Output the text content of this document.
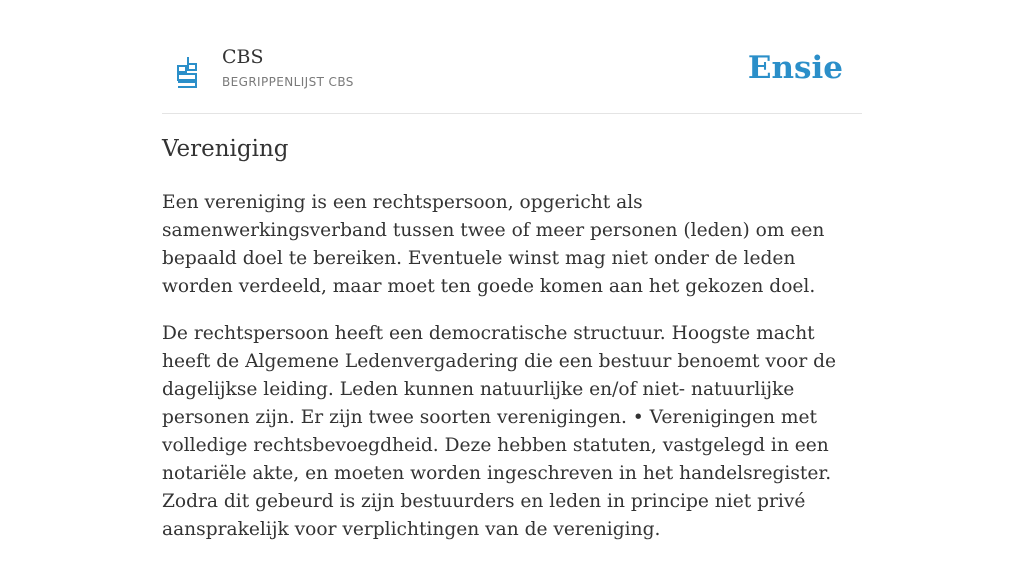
CBS
BEGRIPPENLIJST CBS	Ensie
Vereniging

Een vereniging is een rechtspersoon, opgericht als samenwerkingsverband tussen twee of meer personen (leden) om een bepaald doel te bereiken. Eventuele winst mag niet onder de leden worden verdeeld, maar moet ten goede komen aan het gekozen doel.

De rechtspersoon heeft een democratische structuur. Hoogste macht heeft de Algemene Ledenvergadering die een bestuur benoemt voor de dagelijkse leiding. Leden kunnen natuurlijke en/of niet- natuurlijke personen zijn. Er zijn twee soorten verenigingen. • Verenigingen met volledige rechtsbevoegdheid. Deze hebben statuten, vastgelegd in een notariële akte, en moeten worden ingeschreven in het handelsregister. Zodra dit gebeurd is zijn bestuurders en leden in principe niet privé aansprakelijk voor verplichtingen van de vereniging.
